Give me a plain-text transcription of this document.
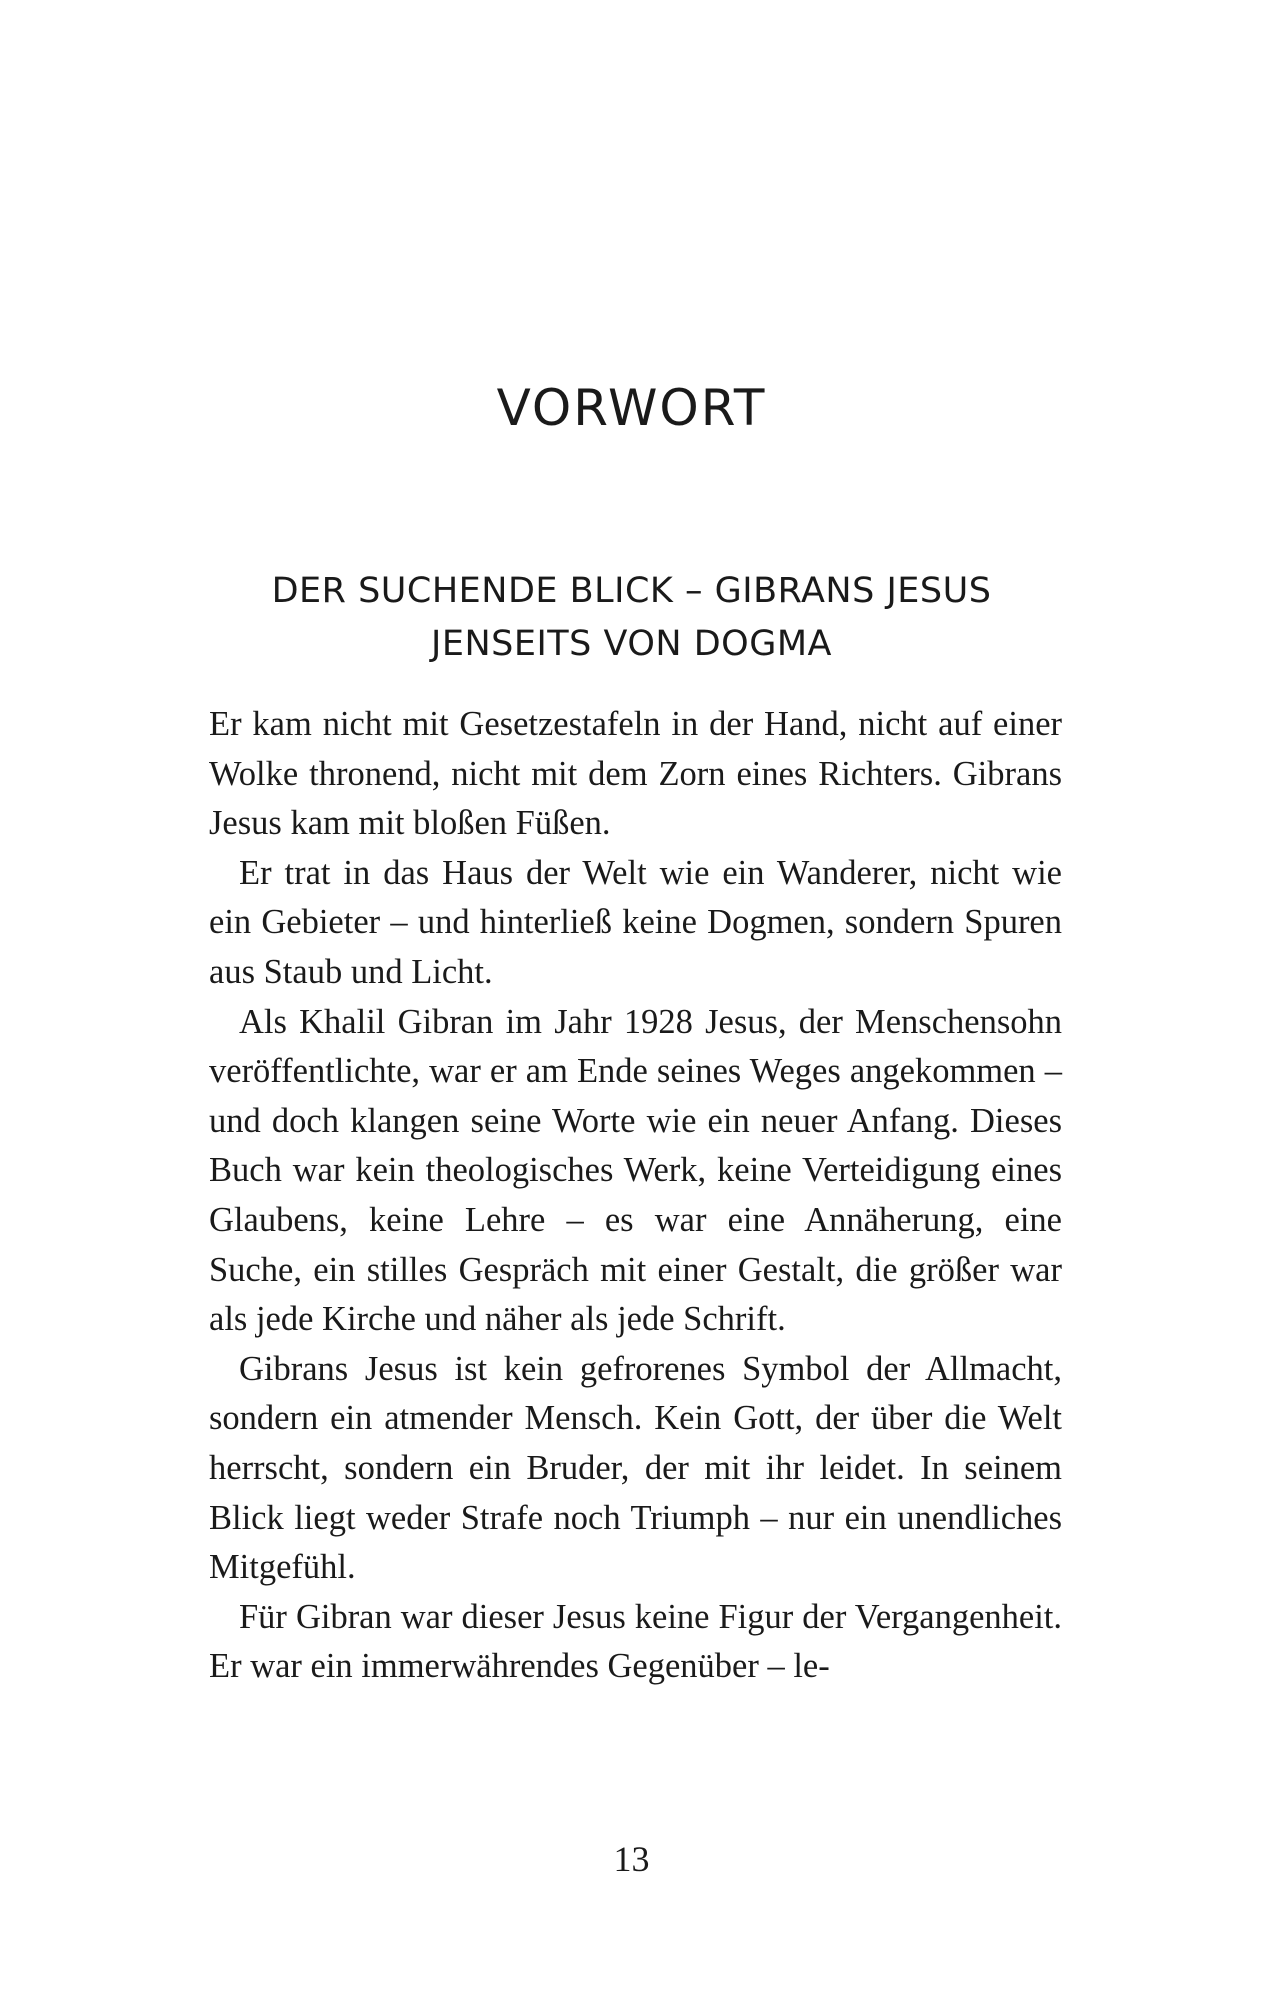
VORWORT
DER SUCHENDE BLICK – GIBRANS JESUS
JENSEITS VON DOGMA

Er kam nicht mit Gesetzestafeln in der Hand, nicht auf einer Wolke thronend, nicht mit dem Zorn eines Richters. Gibrans Jesus kam mit bloßen Füßen.

Er trat in das Haus der Welt wie ein Wanderer, nicht wie ein Gebieter – und hinterließ keine Dogmen, sondern Spuren aus Staub und Licht.

Als Khalil Gibran im Jahr 1928 Jesus, der Menschensohn veröffentlichte, war er am Ende seines Weges angekommen – und doch klangen seine Worte wie ein neuer Anfang. Dieses Buch war kein theologisches Werk, keine Verteidigung eines Glaubens, keine Lehre – es war eine Annäherung, eine Suche, ein stilles Gespräch mit einer Gestalt, die größer war als jede Kirche und näher als jede Schrift.

Gibrans Jesus ist kein gefrorenes Symbol der Allmacht, sondern ein atmender Mensch. Kein Gott, der über die Welt herrscht, sondern ein Bruder, der mit ihr leidet. In seinem Blick liegt weder Strafe noch Triumph – nur ein unendliches Mitgefühl.

Für Gibran war dieser Jesus keine Figur der Vergangenheit. Er war ein immerwährendes Gegenüber – le-

13
